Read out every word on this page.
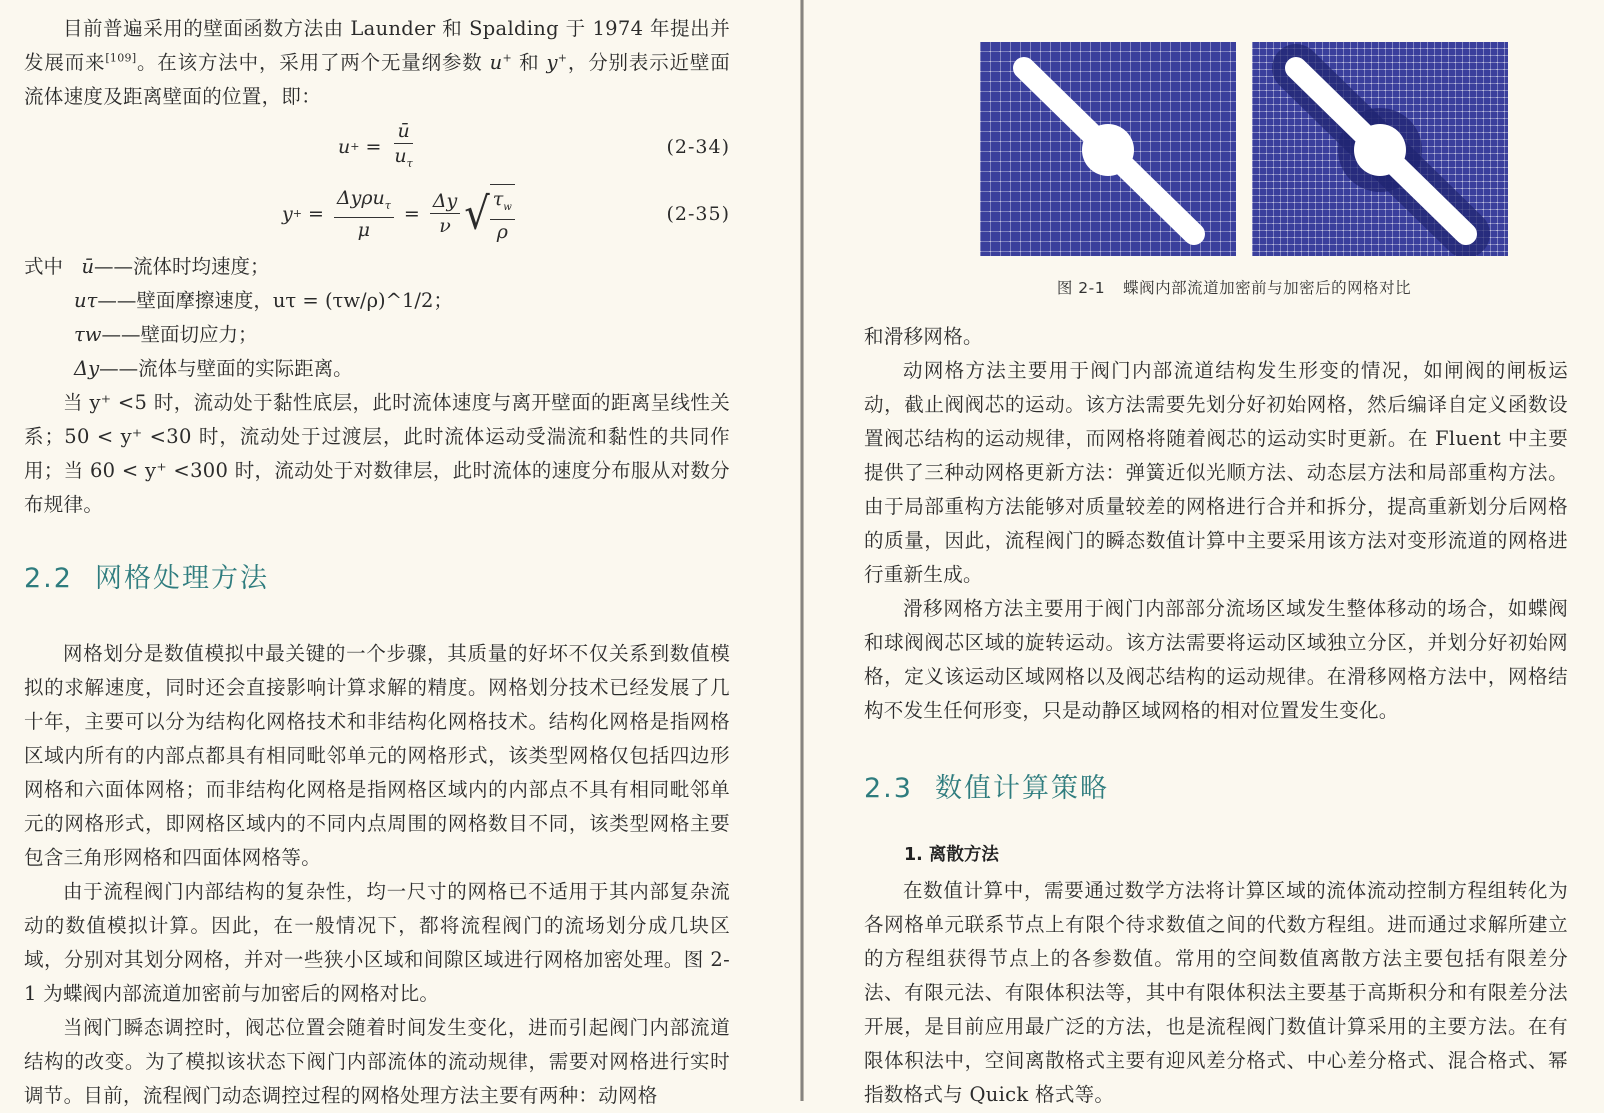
目前普遍采用的壁面函数方法由 Launder 和 Spalding 于 1974 年提出并发展而来[109]。在该方法中，采用了两个无量纲参数 u+ 和 y+，分别表示近壁面流体速度及距离壁面的位置，即：

u + = $\frac{ū}{u_\tau}$	(2-34)
y + = $\frac{\Delta y\rho u_\tau}{\mu} = \frac{\Delta y}{\nu}$ √ $\frac{\tau_w}{\rho}$	(2-35)
式中 ū ——流体时均速度；
uτ ——壁面摩擦速度，uτ = (τw/ρ)^1/2；
τw ——壁面切应力；
Δy ——流体与壁面的实际距离。

当 y⁺ <5 时，流动处于黏性底层，此时流体速度与离开壁面的距离呈线性关系；50 < y⁺ <30 时，流动处于过渡层，此时流体运动受湍流和黏性的共同作用；当 60 < y⁺ <300 时，流动处于对数律层，此时流体的速度分布服从对数分布规律。

2.2 网格处理方法

网格划分是数值模拟中最关键的一个步骤，其质量的好坏不仅关系到数值模拟的求解速度，同时还会直接影响计算求解的精度。网格划分技术已经发展了几十年，主要可以分为结构化网格技术和非结构化网格技术。结构化网格是指网格区域内所有的内部点都具有相同毗邻单元的网格形式，该类型网格仅包括四边形网格和六面体网格；而非结构化网格是指网格区域内的内部点不具有相同毗邻单元的网格形式，即网格区域内的不同内点周围的网格数目不同，该类型网格主要包含三角形网格和四面体网格等。

由于流程阀门内部结构的复杂性，均一尺寸的网格已不适用于其内部复杂流动的数值模拟计算。因此，在一般情况下，都将流程阀门的流场划分成几块区域，分别对其划分网格，并对一些狭小区域和间隙区域进行网格加密处理。图 2-1 为蝶阀内部流道加密前与加密后的网格对比。

当阀门瞬态调控时，阀芯位置会随着时间发生变化，进而引起阀门内部流道结构的改变。为了模拟该状态下阀门内部流体的流动规律，需要对网格进行实时调节。目前，流程阀门动态调控过程的网格处理方法主要有两种：动网格

图 2-1 蝶阀内部流道加密前与加密后的网格对比

和滑移网格。

动网格方法主要用于阀门内部流道结构发生形变的情况，如闸阀的闸板运动，截止阀阀芯的运动。该方法需要先划分好初始网格，然后编译自定义函数设置阀芯结构的运动规律，而网格将随着阀芯的运动实时更新。在 Fluent 中主要提供了三种动网格更新方法：弹簧近似光顺方法、动态层方法和局部重构方法。由于局部重构方法能够对质量较差的网格进行合并和拆分，提高重新划分后网格的质量，因此，流程阀门的瞬态数值计算中主要采用该方法对变形流道的网格进行重新生成。

滑移网格方法主要用于阀门内部部分流场区域发生整体移动的场合，如蝶阀和球阀阀芯区域的旋转运动。该方法需要将运动区域独立分区，并划分好初始网格，定义该运动区域网格以及阀芯结构的运动规律。在滑移网格方法中，网格结构不发生任何形变，只是动静区域网格的相对位置发生变化。

2.3 数值计算策略
1. 离散方法

在数值计算中，需要通过数学方法将计算区域的流体流动控制方程组转化为各网格单元联系节点上有限个待求数值之间的代数方程组。进而通过求解所建立的方程组获得节点上的各参数值。常用的空间数值离散方法主要包括有限差分法、有限元法、有限体积法等，其中有限体积法主要基于高斯积分和有限差分法开展，是目前应用最广泛的方法，也是流程阀门数值计算采用的主要方法。在有限体积法中，空间离散格式主要有迎风差分格式、中心差分格式、混合格式、幂指数格式与 Quick 格式等。
